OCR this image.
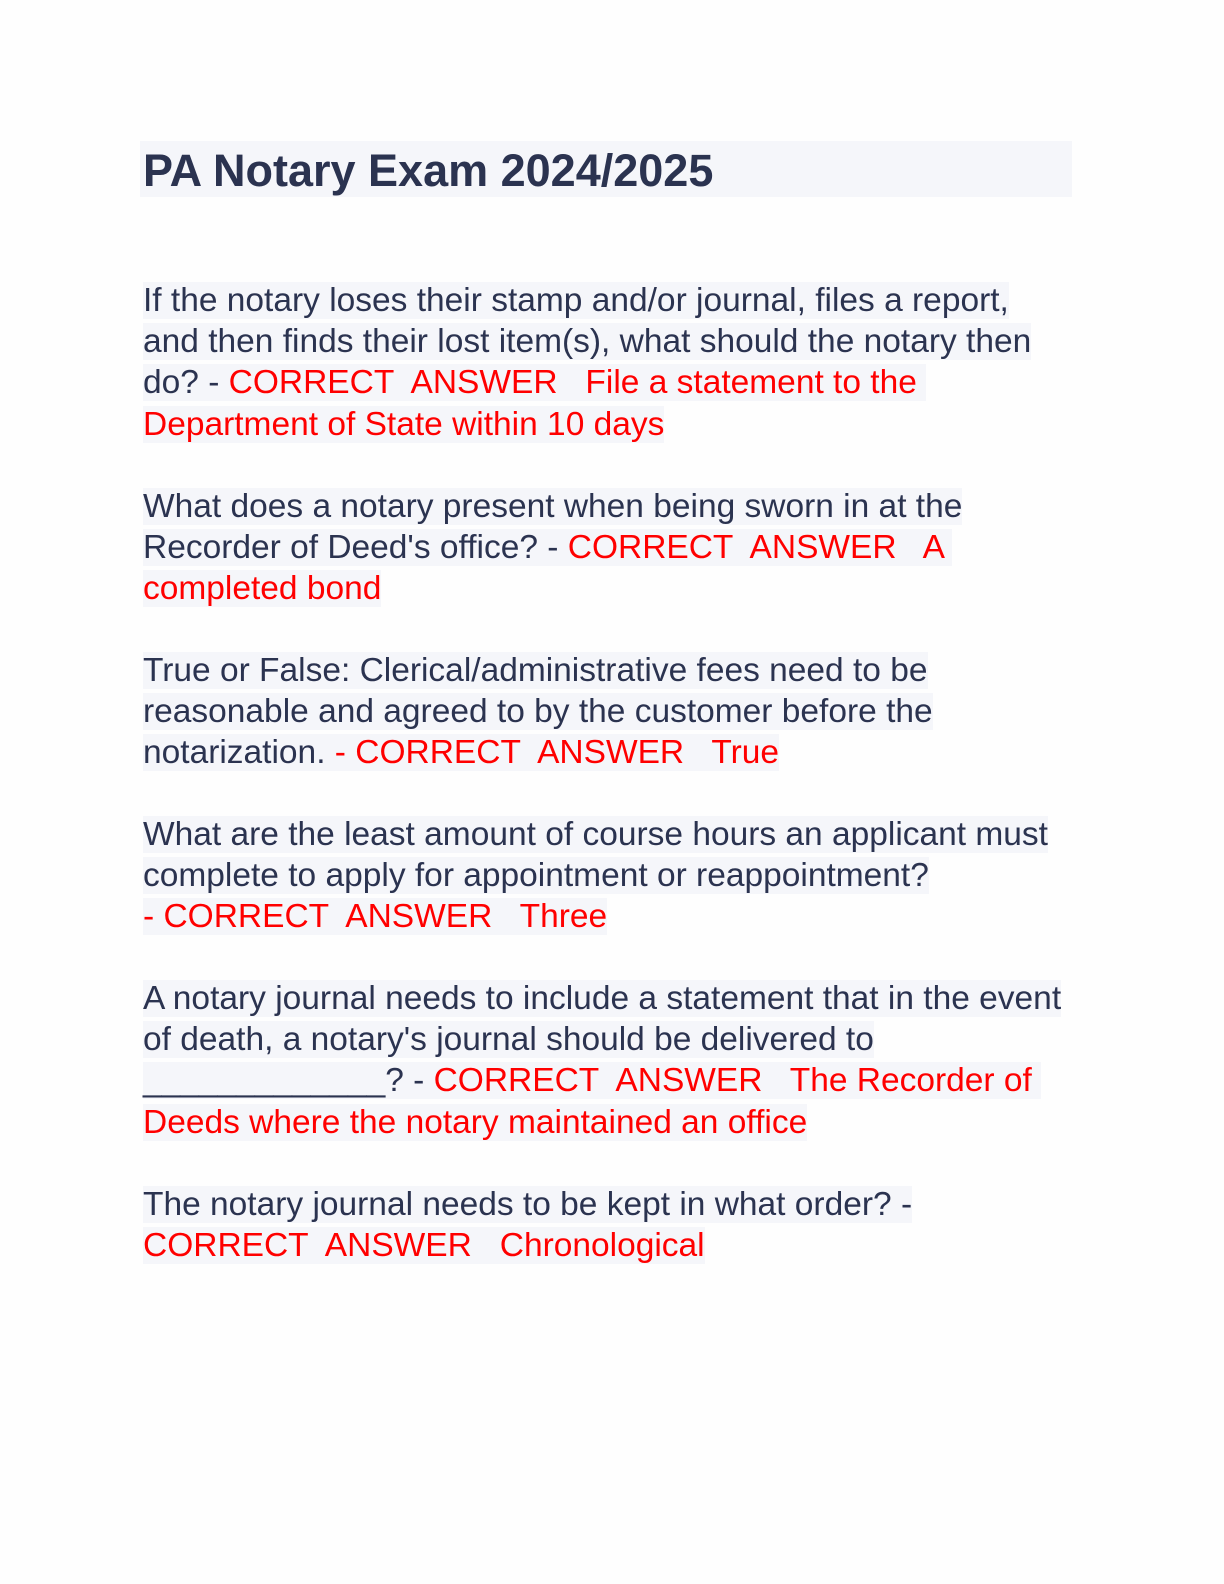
PA Notary Exam 2024/2025

If the notary loses their stamp and/or journal, files a report, and then finds their lost item(s), what should the notary then do? - CORRECT  ANSWER   File a statement to the Department of State within 10 days

What does a notary present when being sworn in at the Recorder of Deed's office? - CORRECT  ANSWER   A completed bond

True or False: Clerical/administrative fees need to be reasonable and agreed to by the customer before the notarization. - CORRECT  ANSWER   True

What are the least amount of course hours an applicant must complete to apply for appointment or reappointment?
- CORRECT  ANSWER   Three

A notary journal needs to include a statement that in the event of death, a notary's journal should be delivered to _____________? - CORRECT  ANSWER   The Recorder of Deeds where the notary maintained an office

The notary journal needs to be kept in what order? -
CORRECT  ANSWER   Chronological
